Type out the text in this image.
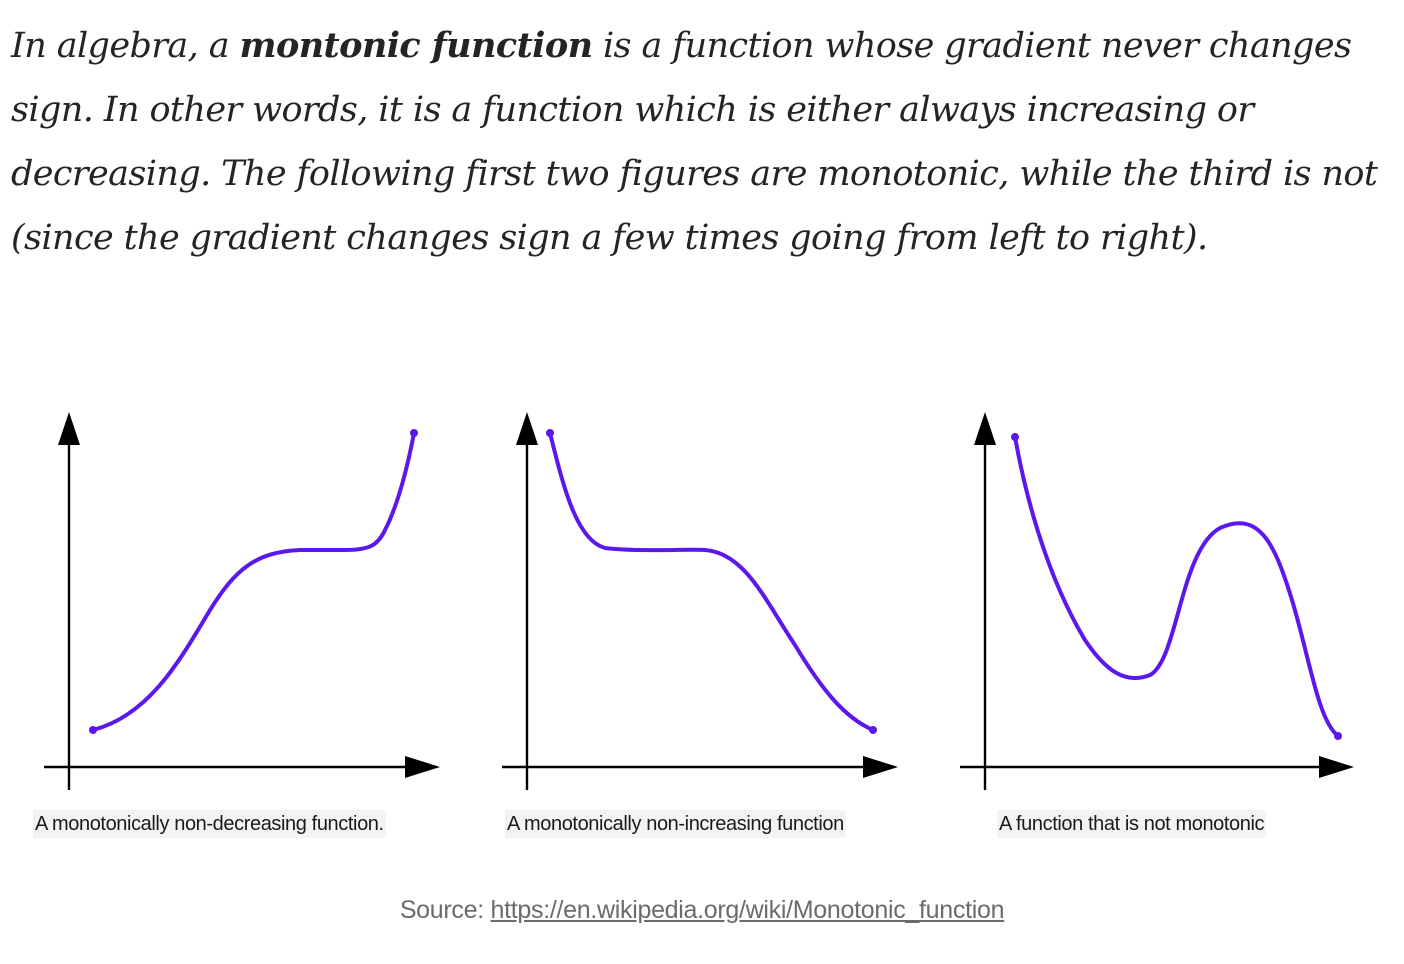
In algebra, a montonic function is a function whose gradient never changes
sign. In other words, it is a function which is either always increasing or
decreasing. The following first two figures are monotonic, while the third is not
(since the gradient changes sign a few times going from left to right).
A monotonically non-decreasing function.	A monotonically non-increasing function	A function that is not monotonic
Source: https://en.wikipedia.org/wiki/Monotonic_function
